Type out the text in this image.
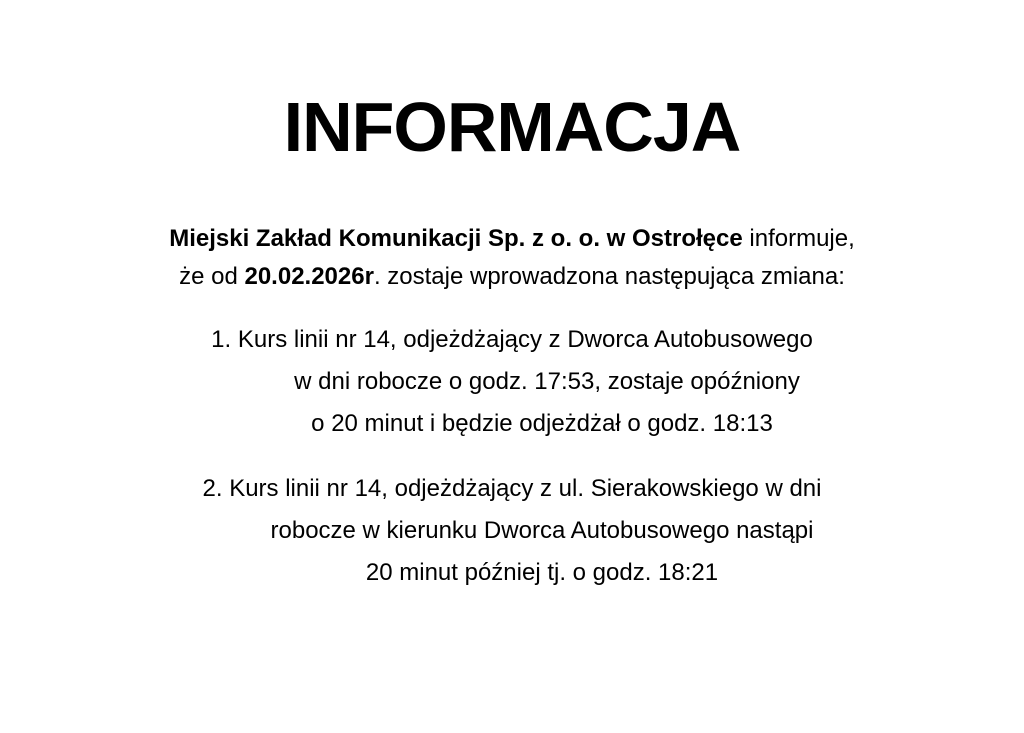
INFORMACJA
Miejski Zakład Komunikacji Sp. z o. o. w Ostrołęce informuje,
że od 20.02.2026r. zostaje wprowadzona następująca zmiana:
1. Kurs linii nr 14, odjeżdżający z Dworca Autobusowego
w dni robocze o godz. 17:53, zostaje opóźniony
o 20 minut i będzie odjeżdżał o godz. 18:13
2. Kurs linii nr 14, odjeżdżający z ul. Sierakowskiego w dni
robocze w kierunku Dworca Autobusowego nastąpi
20 minut później tj. o godz. 18:21
